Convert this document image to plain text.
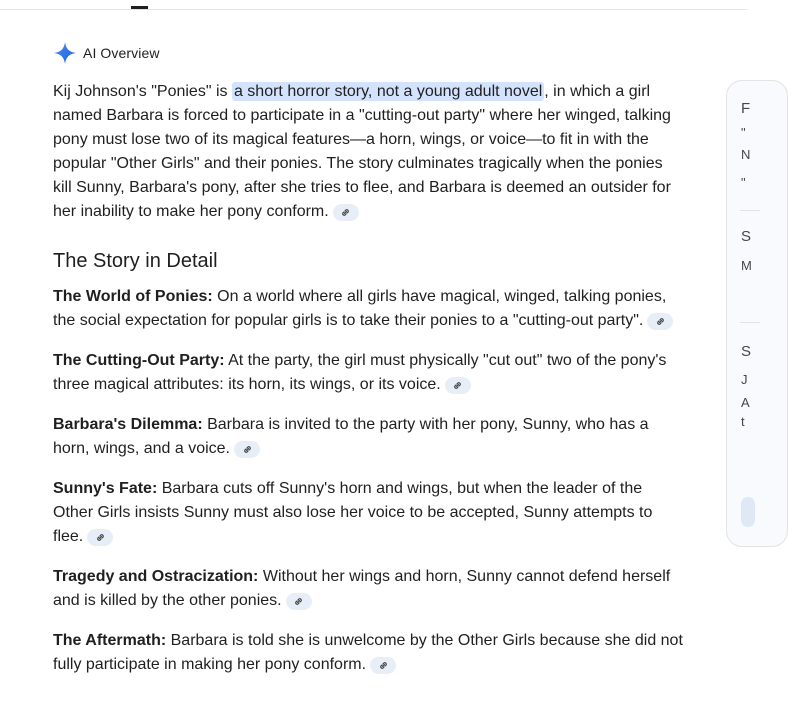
AI Overview

Kij Johnson's "Ponies" is a short horror story, not a young adult novel , in which a girl named Barbara is forced to participate in a "cutting-out party" where her winged, talking pony must lose two of its magical features—a horn, wings, or voice—to fit in with the popular "Other Girls" and their ponies. The story culminates tragically when the ponies kill Sunny, Barbara's pony, after she tries to flee, and Barbara is deemed an outsider for her inability to make her pony conform.

The Story in Detail

The World of Ponies: On a world where all girls have magical, winged, talking ponies, the social expectation for popular girls is to take their ponies to a "cutting-out party".

The Cutting-Out Party: At the party, the girl must physically "cut out" two of the pony's three magical attributes: its horn, its wings, or its voice.

Barbara's Dilemma: Barbara is invited to the party with her pony, Sunny, who has a horn, wings, and a voice.

Sunny's Fate: Barbara cuts off Sunny's horn and wings, but when the leader of the Other Girls insists Sunny must also lose her voice to be accepted, Sunny attempts to flee.

Tragedy and Ostracization: Without her wings and horn, Sunny cannot defend herself and is killed by the other ponies.

The Aftermath: Barbara is told she is unwelcome by the Other Girls because she did not fully participate in making her pony conform.

F
"
N
"
S
M
S
J
A
t
